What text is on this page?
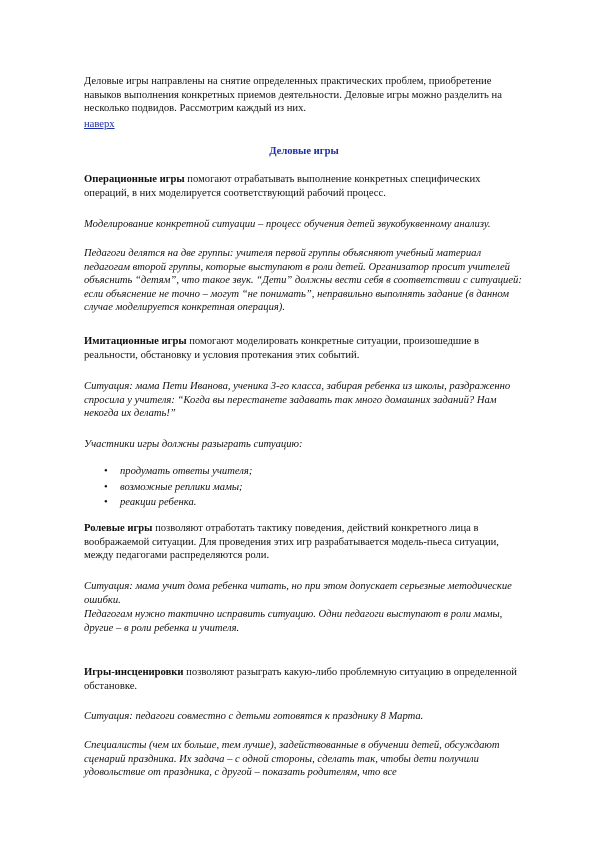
Деловые игры направлены на снятие определенных практических проблем, приобретение навыков выполнения конкретных приемов деятельности. Деловые игры можно разделить на несколько подвидов. Рассмотрим каждый из них.

наверх

Деловые игры

Операционные игры помогают отрабатывать выполнение конкретных специфических операций, в них моделируется соответствующий рабочий процесс.

Моделирование конкретной ситуации – процесс обучения детей звукобуквенному анализу.

Педагоги делятся на две группы: учителя первой группы объясняют учебный материал педагогам второй группы, которые выступают в роли детей. Организатор просит учителей объяснить “детям”, что такое звук. “Дети” должны вести себя в соответствии с ситуацией: если объяснение не точно – могут “не понимать”, неправильно выполнять задание (в данном случае моделируется конкретная операция).

Имитационные игры помогают моделировать конкретные ситуации, произошедшие в реальности, обстановку и условия протекания этих событий.

Ситуация: мама Пети Иванова, ученика 3-го класса, забирая ребенка из школы, раздраженно спросила у учителя: “Когда вы перестанете задавать так много домашних заданий? Нам некогда их делать!”

Участники игры должны разыграть ситуацию:

• продумать ответы учителя;
• возможные реплики мамы;
• реакции ребенка.

Ролевые игры позволяют отработать тактику поведения, действий конкретного лица в воображаемой ситуации. Для проведения этих игр разрабатывается модель-пьеса ситуации, между педагогами распределяются роли.

Ситуация: мама учит дома ребенка читать, но при этом допускает серьезные методические ошибки.

Педагогам нужно тактично исправить ситуацию. Одни педагоги выступают в роли мамы, другие – в роли ребенка и учителя.

Игры-инсценировки позволяют разыграть какую-либо проблемную ситуацию в определенной обстановке.

Ситуация: педагоги совместно с детьми готовятся к празднику 8 Марта.

Специалисты (чем их больше, тем лучше), задействованные в обучении детей, обсуждают сценарий праздника. Их задача – с одной стороны, сделать так, чтобы дети получили удовольствие от праздника, с другой – показать родителям, что все
